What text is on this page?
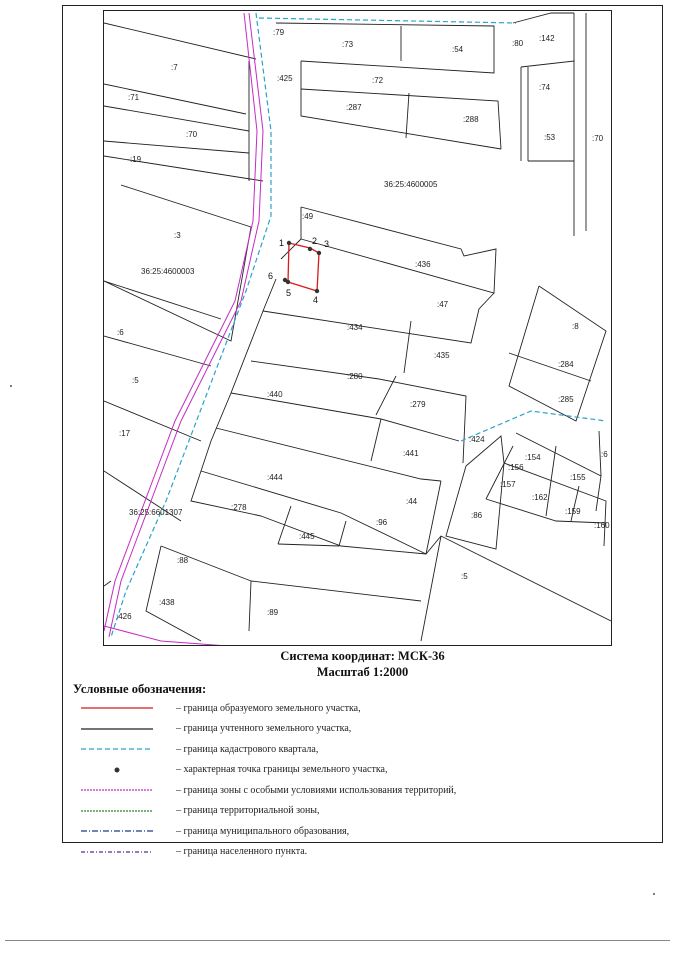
1	2 3
4
5
6
:79
:73
:54
:80
:142
:7
:425	:72
:74
:71
:287
:288
:70	:53	:70
:19
:49
:3
:436
:47
:6
:434	:8
:435
:284
:280
:5
:440
:279
:285
:17
:424
:441	:154	:6
:156
:155
:444
:157
:162
:44
:278	:159
:160
:96
:86
:445
:88
:5
:438
:89
:426
36:25:4600005
36:25:4600003
36:25:6601307
Система координат: МСК-36
Масштаб 1:2000
Условные обозначения:
– граница образуемого земельного участка,
– граница учтенного земельного участка,
– граница кадастрового квартала,
– характерная точка границы земельного участка,
– граница зоны с особыми условиями использования территорий,
– граница территориальной зоны,
– граница муниципального образования,
– граница населенного пункта.
